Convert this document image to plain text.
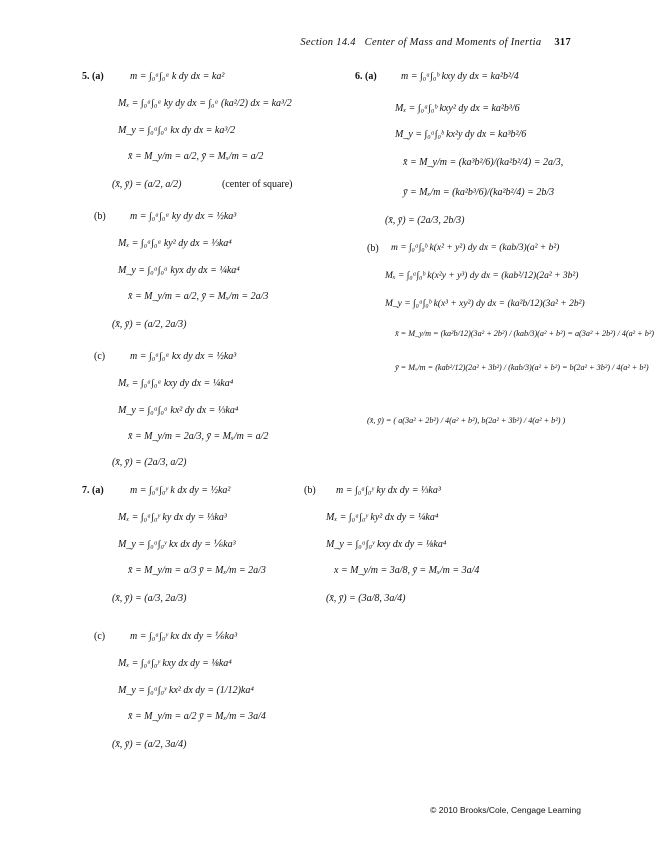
Section 14.4 Center of Mass and Moments of Inertia 317
5. (a)	m = ∫₀ᵃ∫₀ᵃ k dy dx = ka²
Mₓ = ∫₀ᵃ∫₀ᵃ ky dy dx = ∫₀ᵃ (ka²/2) dx = ka³/2
M_y = ∫₀ᵃ∫₀ᵃ kx dy dx = ka³/2
x̄ = M_y/m = a/2, ȳ = Mₓ/m = a/2
(x̄, ȳ) = (a/2, a/2)	(center of square)
(b) m = ∫₀ᵃ∫₀ᵃ ky dy dx = ½ka³
Mₓ = ∫₀ᵃ∫₀ᵃ ky² dy dx = ⅓ka⁴
M_y = ∫₀ᵃ∫₀ᵃ kyx dy dx = ¼ka⁴
x̄ = M_y/m = a/2, ȳ = Mₓ/m = 2a/3
(x̄, ȳ) = (a/2, 2a/3)
(c) m = ∫₀ᵃ∫₀ᵃ kx dy dx = ½ka³
Mₓ = ∫₀ᵃ∫₀ᵃ kxy dy dx = ¼ka⁴
M_y = ∫₀ᵃ∫₀ᵃ kx² dy dx = ⅓ka⁴
x̄ = M_y/m = 2a/3, ȳ = Mₓ/m = a/2
(x̄, ȳ) = (2a/3, a/2)
6. (a) m = ∫₀ᵃ∫₀ᵇ kxy dy dx = ka²b²/4
Mₓ = ∫₀ᵃ∫₀ᵇ kxy² dy dx = ka²b³/6
M_y = ∫₀ᵃ∫₀ᵇ kx²y dy dx = ka³b²/6
x̄ = M_y/m = (ka³b²/6)/(ka²b²/4) = 2a/3,
ȳ = Mₓ/m = (ka²b³/6)/(ka²b²/4) = 2b/3
(x̄, ȳ) = (2a/3, 2b/3)
(b) m = ∫₀ᵃ∫₀ᵇ k(x² + y²) dy dx = (kab/3)(a² + b²)
Mₓ = ∫₀ᵃ∫₀ᵇ k(x²y + y³) dy dx = (kab²/12)(2a² + 3b²)
M_y = ∫₀ᵃ∫₀ᵇ k(x³ + xy²) dy dx = (ka²b/12)(3a² + 2b²)
x̄ = M_y/m = (ka²b/12)(3a² + 2b²) / (kab/3)(a² + b²) = a(3a² + 2b²) / 4(a² + b²)
ȳ = Mₓ/m = (kab²/12)(2a² + 3b²) / (kab/3)(a² + b²) = b(2a² + 3b²) / 4(a² + b²)
(x̄, ȳ) = ( a(3a² + 2b²) / 4(a² + b²), b(2a² + 3b²) / 4(a² + b²) )
7. (a)	m = ∫₀ᵃ∫₀ʸ k dx dy = ½ka²
Mₓ = ∫₀ᵃ∫₀ʸ ky dx dy = ⅓ka³
M_y = ∫₀ᵃ∫₀ʸ kx dx dy = ⅙ka³
x̄ = M_y/m = a/3 ȳ = Mₓ/m = 2a/3
(x̄, ȳ) = (a/3, 2a/3)
(b) m = ∫₀ᵃ∫₀ʸ ky dx dy = ⅓ka³
Mₓ = ∫₀ᵃ∫₀ʸ ky² dx dy = ¼ka⁴
M_y = ∫₀ᵃ∫₀ʸ kxy dx dy = ⅛ka⁴
x = M_y/m = 3a/8, ȳ = Mₓ/m = 3a/4
(x̄, ȳ) = (3a/8, 3a/4)
(c) m = ∫₀ᵃ∫₀ʸ kx dx dy = ⅙ka³
Mₓ = ∫₀ᵃ∫₀ʸ kxy dx dy = ⅛ka⁴
M_y = ∫₀ᵃ∫₀ʸ kx² dx dy = (1/12)ka⁴
x̄ = M_y/m = a/2 ȳ = Mₓ/m = 3a/4
(x̄, ȳ) = (a/2, 3a/4)
© 2010 Brooks/Cole, Cengage Learning
